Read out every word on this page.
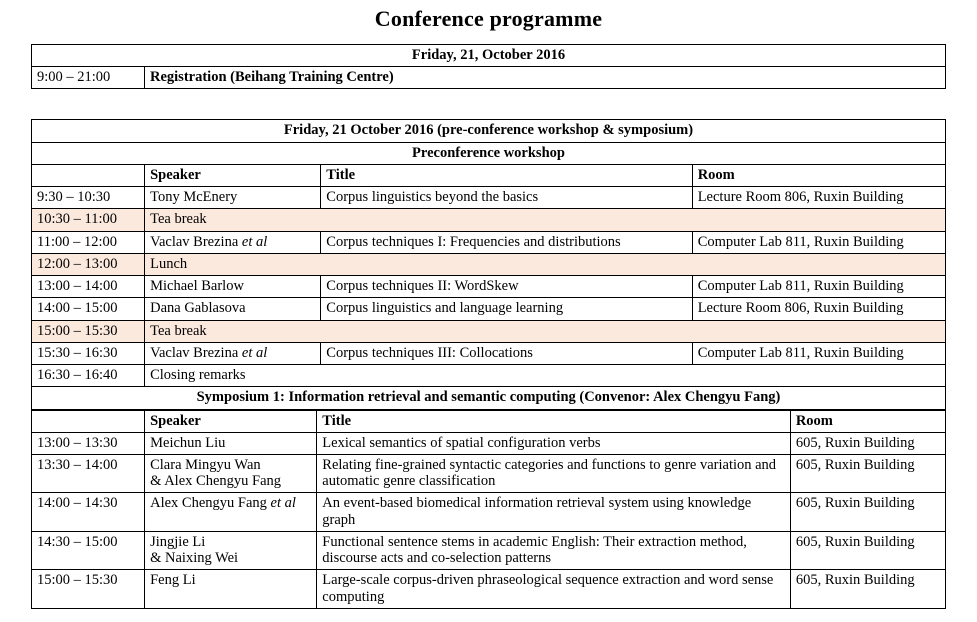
Conference programme
Friday, 21, October 2016
9:00 – 21:00	Registration (Beihang Training Centre)
Friday, 21 October 2016 (pre-conference workshop & symposium)			
Preconference workshop			
	Speaker	Title	Room
9:30 – 10:30	Tony McEnery	Corpus linguistics beyond the basics	Lecture Room 806, Ruxin Building
10:30 – 11:00	Tea break		
11:00 – 12:00	Vaclav Brezina et al	Corpus techniques I: Frequencies and distributions	Computer Lab 811, Ruxin Building
12:00 – 13:00	Lunch		
13:00 – 14:00	Michael Barlow	Corpus techniques II: WordSkew	Computer Lab 811, Ruxin Building
14:00 – 15:00	Dana Gablasova	Corpus linguistics and language learning	Lecture Room 806, Ruxin Building
15:00 – 15:30	Tea break		
15:30 – 16:30	Vaclav Brezina et al	Corpus techniques III: Collocations	Computer Lab 811, Ruxin Building
16:30 – 16:40	Closing remarks		
Symposium 1: Information retrieval and semantic computing (Convenor: Alex Chengyu Fang)			
	Speaker	Title	Room
13:00 – 13:30	Meichun Liu	Lexical semantics of spatial configuration verbs	605, Ruxin Building
13:30 – 14:00	Clara Mingyu Wan
& Alex Chengyu Fang	Relating fine-grained syntactic categories and functions to genre variation and automatic genre classification	605, Ruxin Building
14:00 – 14:30	Alex Chengyu Fang et al	An event-based biomedical information retrieval system using knowledge graph	605, Ruxin Building
14:30 – 15:00	Jingjie Li
& Naixing Wei	Functional sentence stems in academic English: Their extraction method, discourse acts and co-selection patterns	605, Ruxin Building
15:00 – 15:30	Feng Li	Large-scale corpus-driven phraseological sequence extraction and word sense computing	605, Ruxin Building
